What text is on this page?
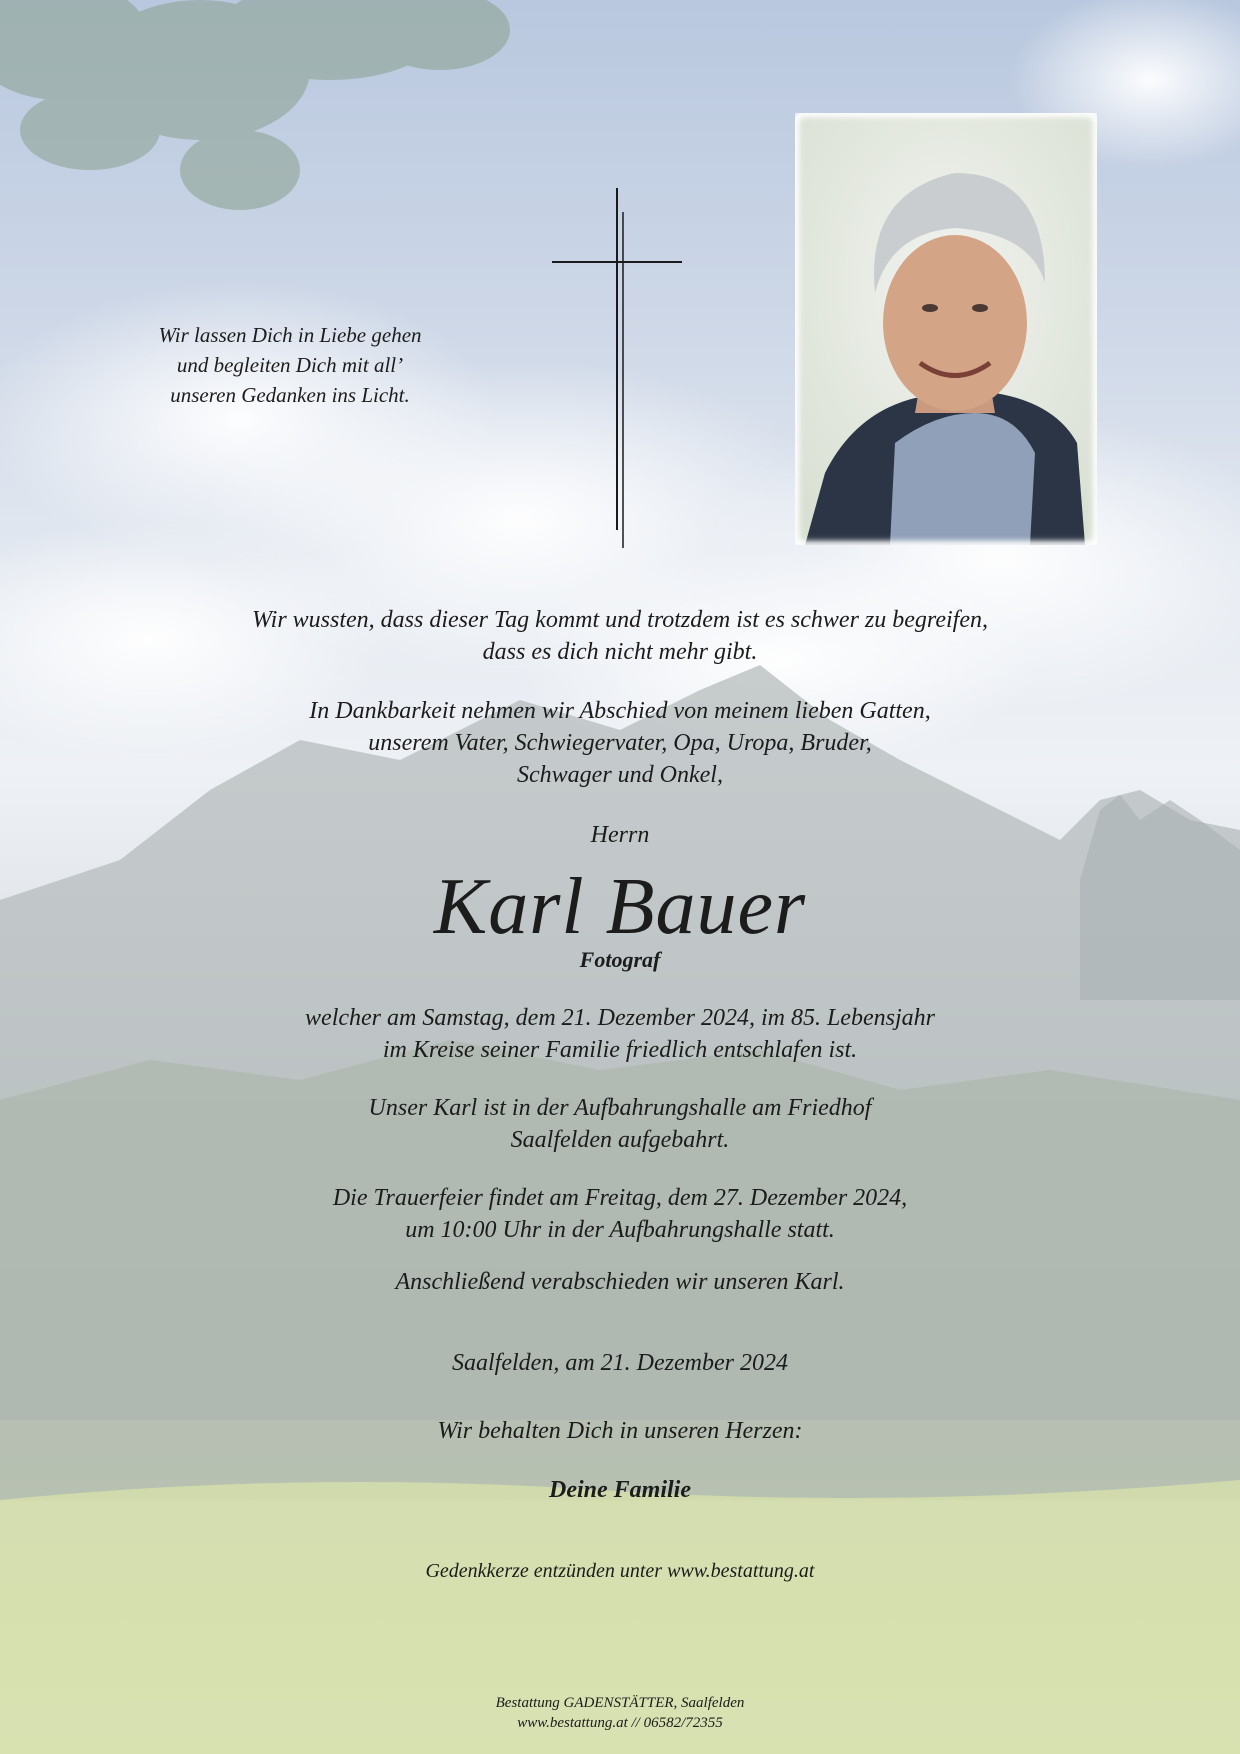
Wir lassen Dich in Liebe gehen
und begleiten Dich mit all’
unseren Gedanken ins Licht.
Wir wussten, dass dieser Tag kommt und trotzdem ist es schwer zu begreifen,
dass es dich nicht mehr gibt.
In Dankbarkeit nehmen wir Abschied von meinem lieben Gatten,
unserem Vater, Schwiegervater, Opa, Uropa, Bruder,
Schwager und Onkel,
Herrn
Karl Bauer
Fotograf
welcher am Samstag, dem 21. Dezember 2024, im 85. Lebensjahr
im Kreise seiner Familie friedlich entschlafen ist.
Unser Karl ist in der Aufbahrungshalle am Friedhof
Saalfelden aufgebahrt.
Die Trauerfeier findet am Freitag, dem 27. Dezember 2024,
um 10:00 Uhr in der Aufbahrungshalle statt.
Anschließend verabschieden wir unseren Karl.
Saalfelden, am 21. Dezember 2024
Wir behalten Dich in unseren Herzen:
Deine Familie
Gedenkkerze entzünden unter www.bestattung.at
Bestattung GADENSTÄTTER, Saalfelden
www.bestattung.at // 06582/72355
